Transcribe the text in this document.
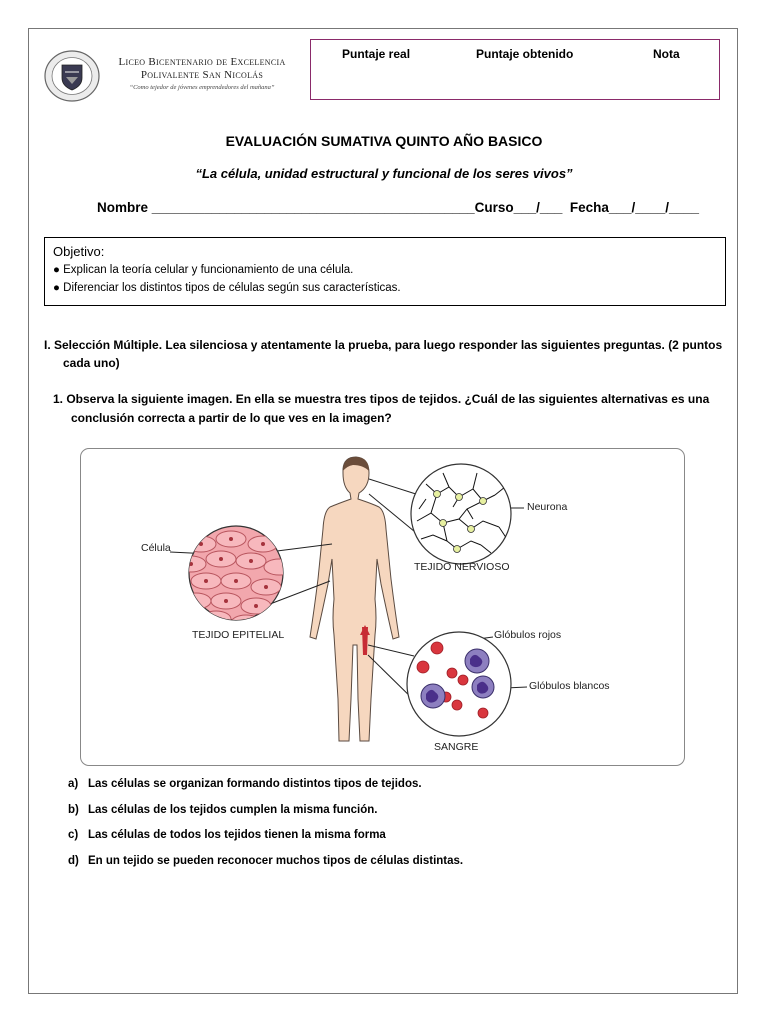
Liceo Bicentenario de Excelencia
Polivalente San Nicolás
“Como tejedor de jóvenes emprendedores del mañana”
Puntaje real	Puntaje obtenido	Nota
EVALUACIÓN SUMATIVA QUINTO AÑO BASICO
“La célula, unidad estructural y funcional de los seres vivos”
Nombre ___________________________________________Curso___/___  Fecha___/____/____
Objetivo:
● Explican la teoría celular y funcionamiento de una célula.
● Diferenciar los distintos tipos de células según sus características.
I. Selección Múltiple. Lea silenciosa y atentamente la prueba, para luego responder las siguientes preguntas. (2 puntos
cada uno)
1. Observa la siguiente imagen. En ella se muestra tres tipos de tejidos. ¿Cuál de las siguientes alternativas es una
conclusión correcta a partir de lo que ves en la imagen?
Célula
TEJIDO EPITELIAL
Neurona
TEJIDO NERVIOSO
Glóbulos rojos
Glóbulos blancos
SANGRE
a) Las células se organizan formando distintos tipos de tejidos.
b) Las células de los tejidos cumplen la misma función.
c) Las células de todos los tejidos tienen la misma forma
d) En un tejido se pueden reconocer muchos tipos de células distintas.
